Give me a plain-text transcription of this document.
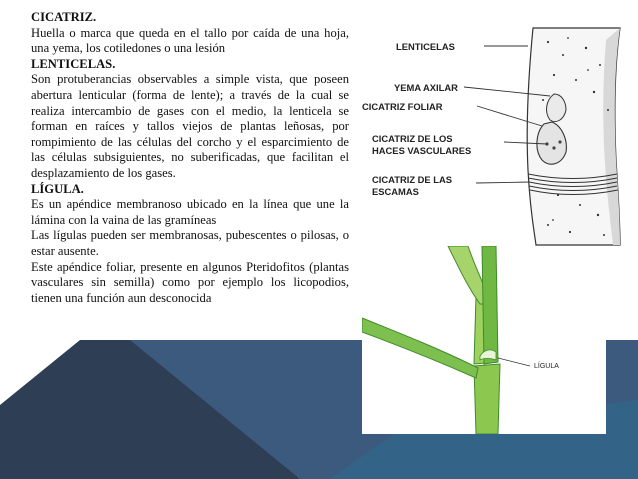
CICATRIZ.

Huella o marca que queda en el tallo por caída de una hoja, una yema, los cotiledones o una lesión

LENTICELAS.

Son protuberancias observables a simple vista, que poseen abertura lenticular (forma de lente); a través de la cual se realiza intercambio de gases con el medio, la lenticela se forman en raíces y tallos viejos de plantas leñosas, por rompimiento de las células del corcho y el esparcimiento de las células subsiguientes, no suberificadas, que facilitan el desplazamiento de los gases.

LÍGULA.

Es un apéndice membranoso ubicado en la línea que une la lámina con la vaina de las gramíneas

Las lígulas pueden ser membranosas, pubescentes o pilosas, o estar ausente.

Este apéndice foliar, presente en algunos Pteridofitos (plantas vasculares sin semilla) como por ejemplo los licopodios, tienen una función aun desconocida

LENTICELAS
YEMA AXILAR
CICATRIZ FOLIAR
CICATRIZ DE LOS
HACES VASCULARES
CICATRIZ DE LAS
ESCAMAS
LÍGULA
